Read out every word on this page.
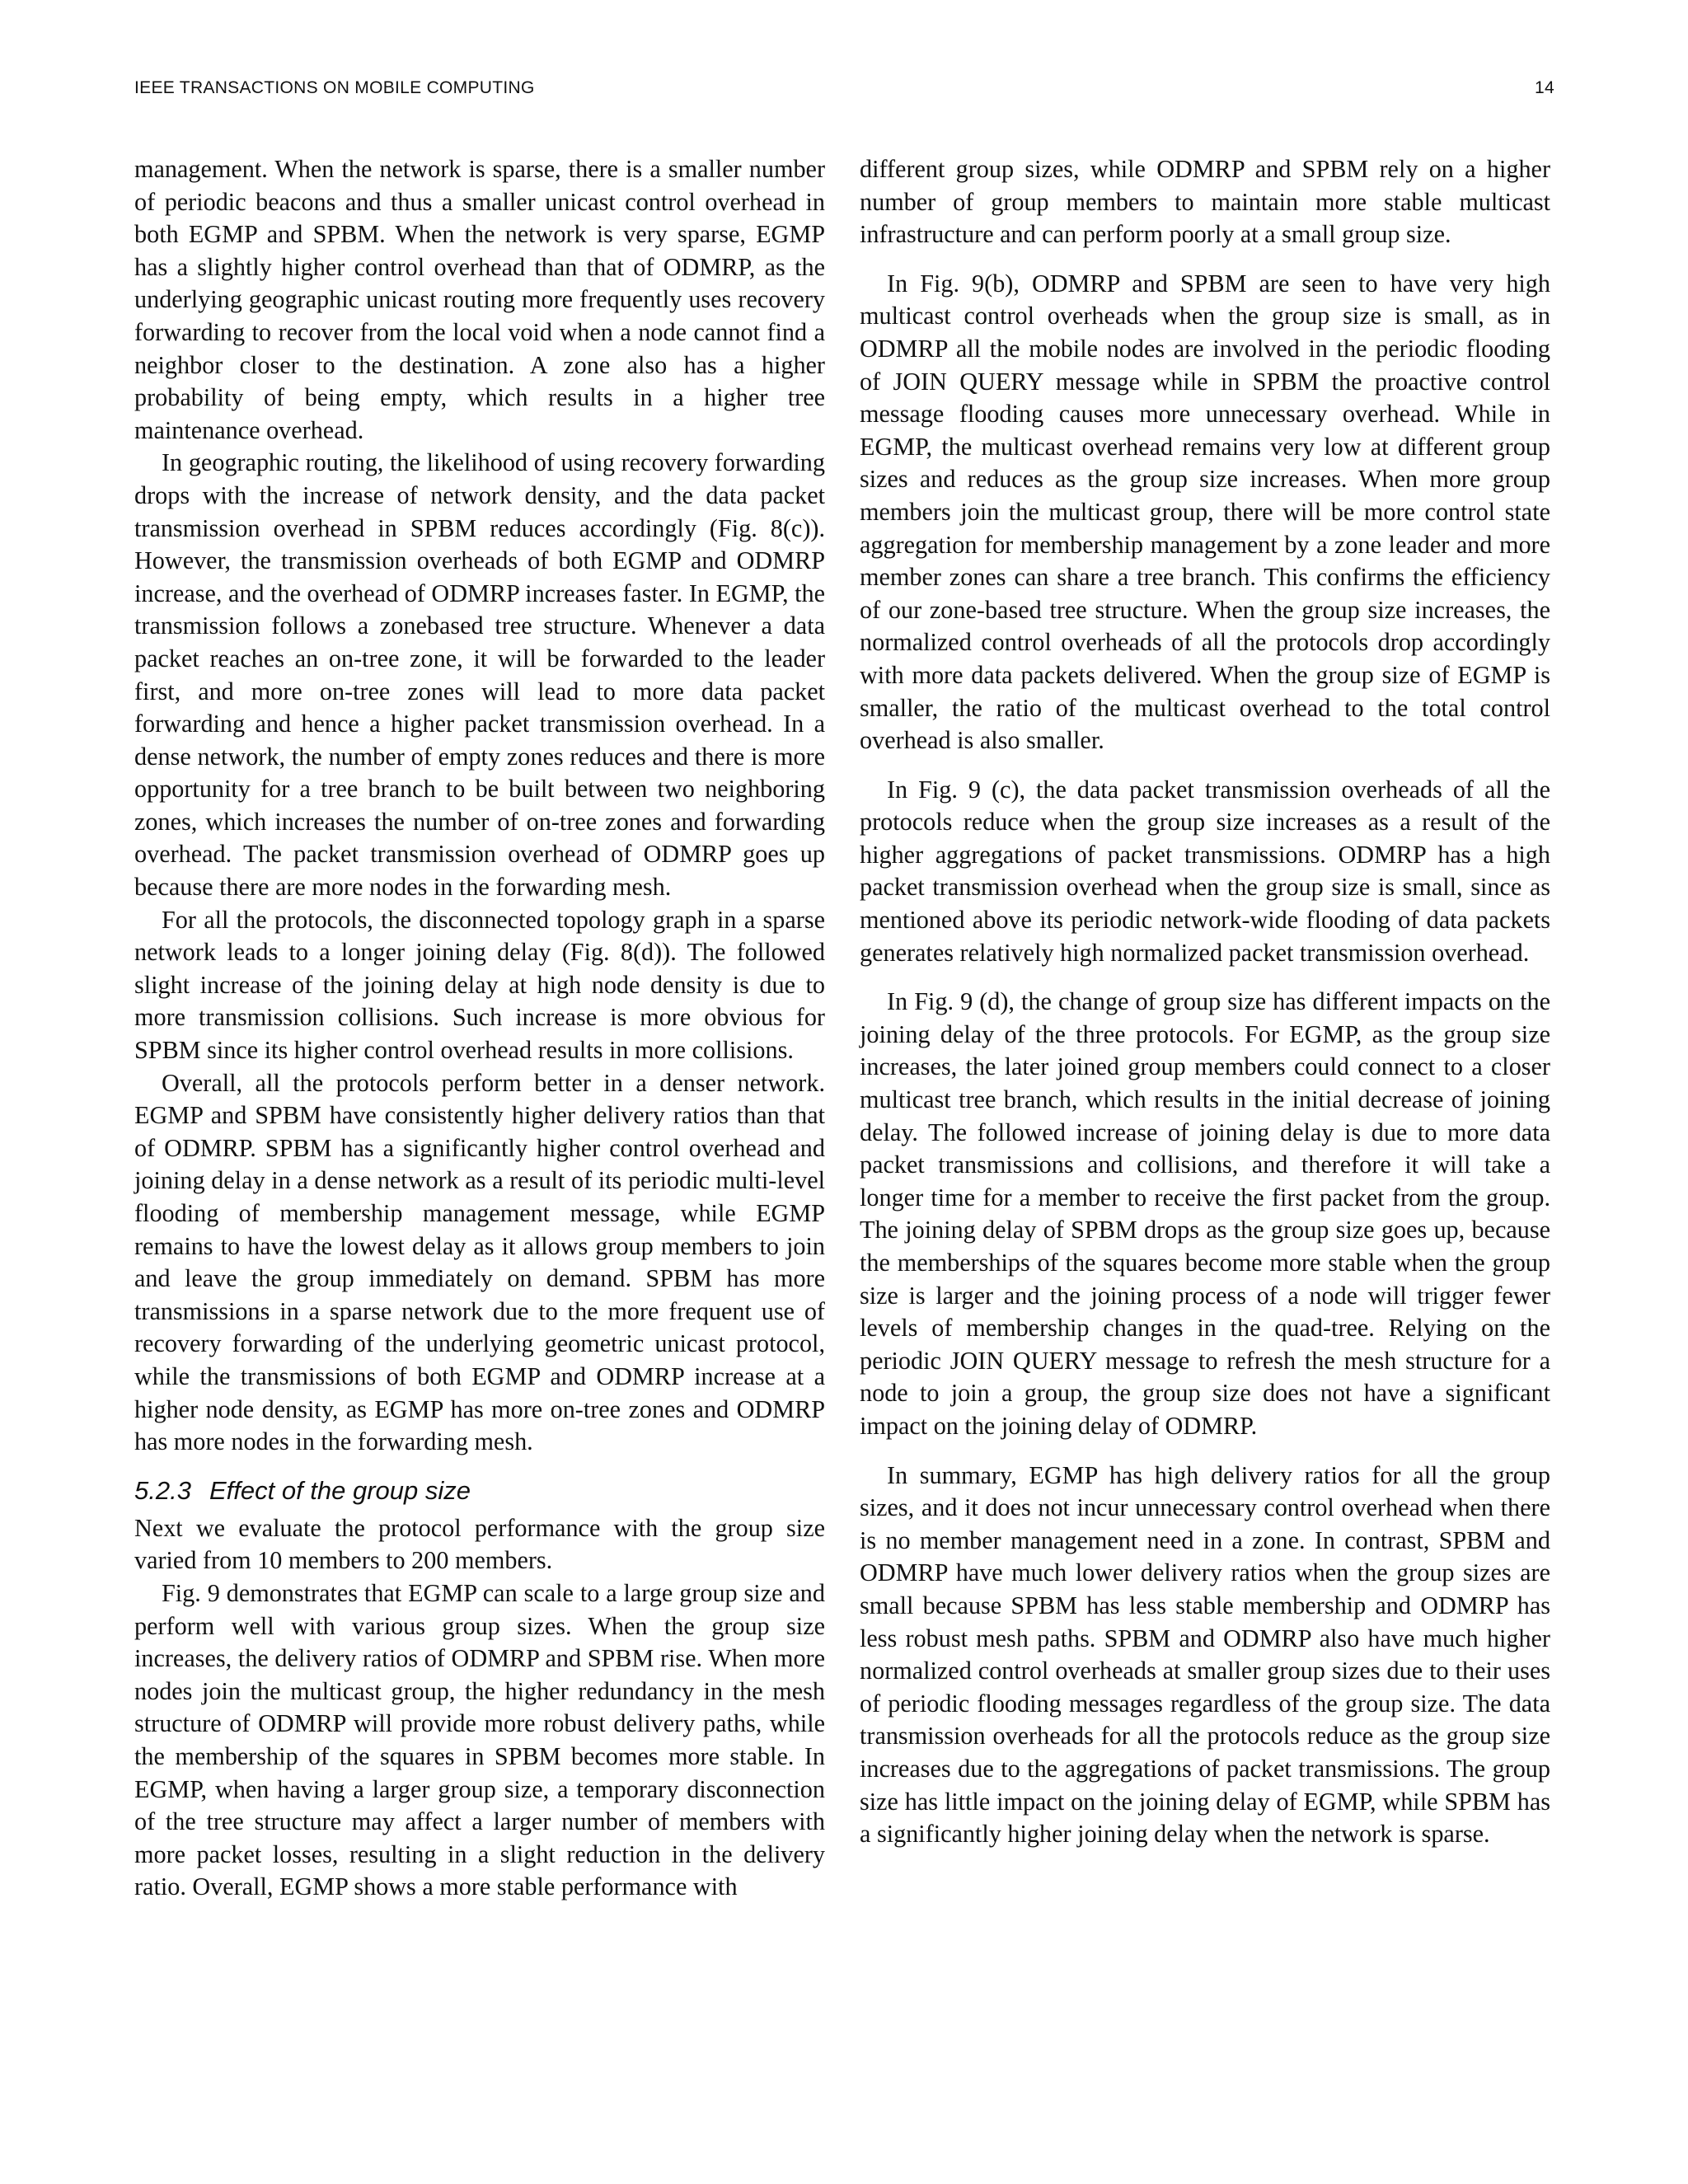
IEEE TRANSACTIONS ON MOBILE COMPUTING	14

management. When the network is sparse, there is a smaller number of periodic beacons and thus a smaller unicast control overhead in both EGMP and SPBM. When the network is very sparse, EGMP has a slightly higher control overhead than that of ODMRP, as the underlying geographic unicast routing more frequently uses recovery forwarding to recover from the local void when a node cannot find a neighbor closer to the destination. A zone also has a higher probability of being empty, which results in a higher tree maintenance overhead.

In geographic routing, the likelihood of using recovery forwarding drops with the increase of network density, and the data packet transmission overhead in SPBM reduces accordingly (Fig. 8(c)). However, the transmission overheads of both EGMP and ODMRP increase, and the overhead of ODMRP increases faster. In EGMP, the transmission follows a zonebased tree structure. Whenever a data packet reaches an on-tree zone, it will be forwarded to the leader first, and more on-tree zones will lead to more data packet forwarding and hence a higher packet transmission overhead. In a dense network, the number of empty zones reduces and there is more opportunity for a tree branch to be built between two neighboring zones, which increases the number of on-tree zones and forwarding overhead. The packet transmission overhead of ODMRP goes up because there are more nodes in the forwarding mesh.

For all the protocols, the disconnected topology graph in a sparse network leads to a longer joining delay (Fig. 8(d)). The followed slight increase of the joining delay at high node density is due to more transmission collisions. Such increase is more obvious for SPBM since its higher control overhead results in more collisions.

Overall, all the protocols perform better in a denser network. EGMP and SPBM have consistently higher delivery ratios than that of ODMRP. SPBM has a significantly higher control overhead and joining delay in a dense network as a result of its periodic multi-level flooding of membership management message, while EGMP remains to have the lowest delay as it allows group members to join and leave the group immediately on demand. SPBM has more transmissions in a sparse network due to the more frequent use of recovery forwarding of the underlying geometric unicast protocol, while the transmissions of both EGMP and ODMRP increase at a higher node density, as EGMP has more on-tree zones and ODMRP has more nodes in the forwarding mesh.

5.2.3 Effect of the group size

Next we evaluate the protocol performance with the group size varied from 10 members to 200 members.

Fig. 9 demonstrates that EGMP can scale to a large group size and perform well with various group sizes. When the group size increases, the delivery ratios of ODMRP and SPBM rise. When more nodes join the multicast group, the higher redundancy in the mesh structure of ODMRP will provide more robust delivery paths, while the membership of the squares in SPBM becomes more stable. In EGMP, when having a larger group size, a temporary disconnection of the tree structure may affect a larger number of members with more packet losses, resulting in a slight reduction in the delivery ratio. Overall, EGMP shows a more stable performance with

different group sizes, while ODMRP and SPBM rely on a higher number of group members to maintain more stable multicast infrastructure and can perform poorly at a small group size.

In Fig. 9(b), ODMRP and SPBM are seen to have very high multicast control overheads when the group size is small, as in ODMRP all the mobile nodes are involved in the periodic flooding of JOIN QUERY message while in SPBM the proactive control message flooding causes more unnecessary overhead. While in EGMP, the multicast overhead remains very low at different group sizes and reduces as the group size increases. When more group members join the multicast group, there will be more control state aggregation for membership management by a zone leader and more member zones can share a tree branch. This confirms the efficiency of our zone-based tree structure. When the group size increases, the normalized control overheads of all the protocols drop accordingly with more data packets delivered. When the group size of EGMP is smaller, the ratio of the multicast overhead to the total control overhead is also smaller.

In Fig. 9 (c), the data packet transmission overheads of all the protocols reduce when the group size increases as a result of the higher aggregations of packet transmissions. ODMRP has a high packet transmission overhead when the group size is small, since as mentioned above its periodic network-wide flooding of data packets generates relatively high normalized packet transmission overhead.

In Fig. 9 (d), the change of group size has different impacts on the joining delay of the three protocols. For EGMP, as the group size increases, the later joined group members could connect to a closer multicast tree branch, which results in the initial decrease of joining delay. The followed increase of joining delay is due to more data packet transmissions and collisions, and therefore it will take a longer time for a member to receive the first packet from the group. The joining delay of SPBM drops as the group size goes up, because the memberships of the squares become more stable when the group size is larger and the joining process of a node will trigger fewer levels of membership changes in the quad-tree. Relying on the periodic JOIN QUERY message to refresh the mesh structure for a node to join a group, the group size does not have a significant impact on the joining delay of ODMRP.

In summary, EGMP has high delivery ratios for all the group sizes, and it does not incur unnecessary control overhead when there is no member management need in a zone. In contrast, SPBM and ODMRP have much lower delivery ratios when the group sizes are small because SPBM has less stable membership and ODMRP has less robust mesh paths. SPBM and ODMRP also have much higher normalized control overheads at smaller group sizes due to their uses of periodic flooding messages regardless of the group size. The data transmission overheads for all the protocols reduce as the group size increases due to the aggregations of packet transmissions. The group size has little impact on the joining delay of EGMP, while SPBM has a significantly higher joining delay when the network is sparse.
